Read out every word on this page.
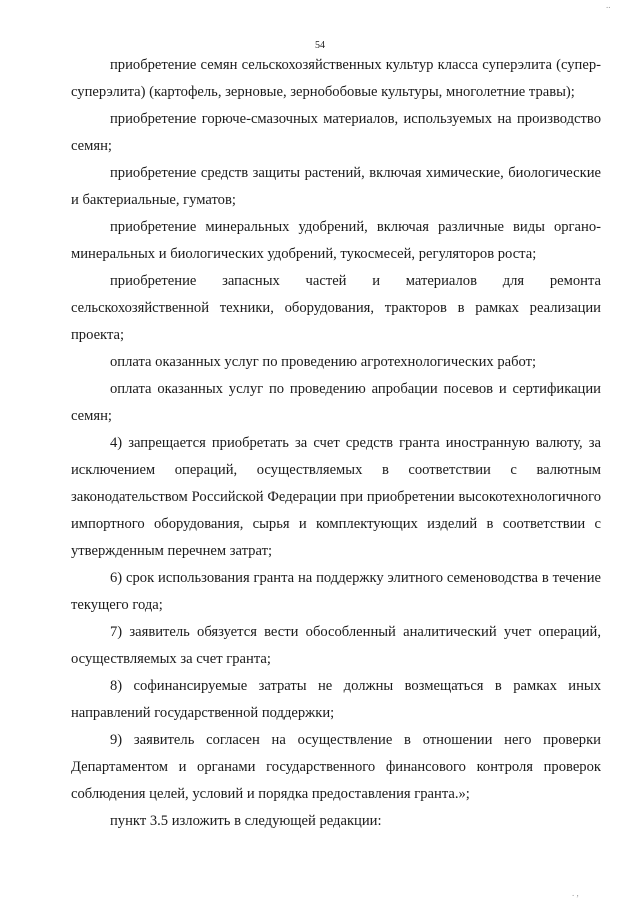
54

приобретение семян сельскохозяйственных культур класса суперэлита (супер-суперэлита) (картофель, зерновые, зернобобовые культуры, многолетние травы);

приобретение горюче-смазочных материалов, используемых на производство семян;

приобретение средств защиты растений, включая химические, биологические и бактериальные, гуматов;

приобретение минеральных удобрений, включая различные виды органо-минеральных и биологических удобрений, тукосмесей, регуляторов роста;

приобретение запасных частей и материалов для ремонта сельскохозяйственной техники, оборудования, тракторов в рамках реализации проекта;

оплата оказанных услуг по проведению агротехнологических работ;

оплата оказанных услуг по проведению апробации посевов и сертификации семян;

4) запрещается приобретать за счет средств гранта иностранную валюту, за исключением операций, осуществляемых в соответствии с валютным законодательством Российской Федерации при приобретении высокотехнологичного импортного оборудования, сырья и комплектующих изделий в соответствии с утвержденным перечнем затрат;

6) срок использования гранта на поддержку элитного семеноводства в течение текущего года;

7) заявитель обязуется вести обособленный аналитический учет операций, осуществляемых за счет гранта;

8) софинансируемые затраты не должны возмещаться в рамках иных направлений государственной поддержки;

9) заявитель согласен на осуществление в отношении него проверки Департаментом и органами государственного финансового контроля проверок соблюдения целей, условий и порядка предоставления гранта.»;

пункт 3.5 изложить в следующей редакции:

..
. ,
